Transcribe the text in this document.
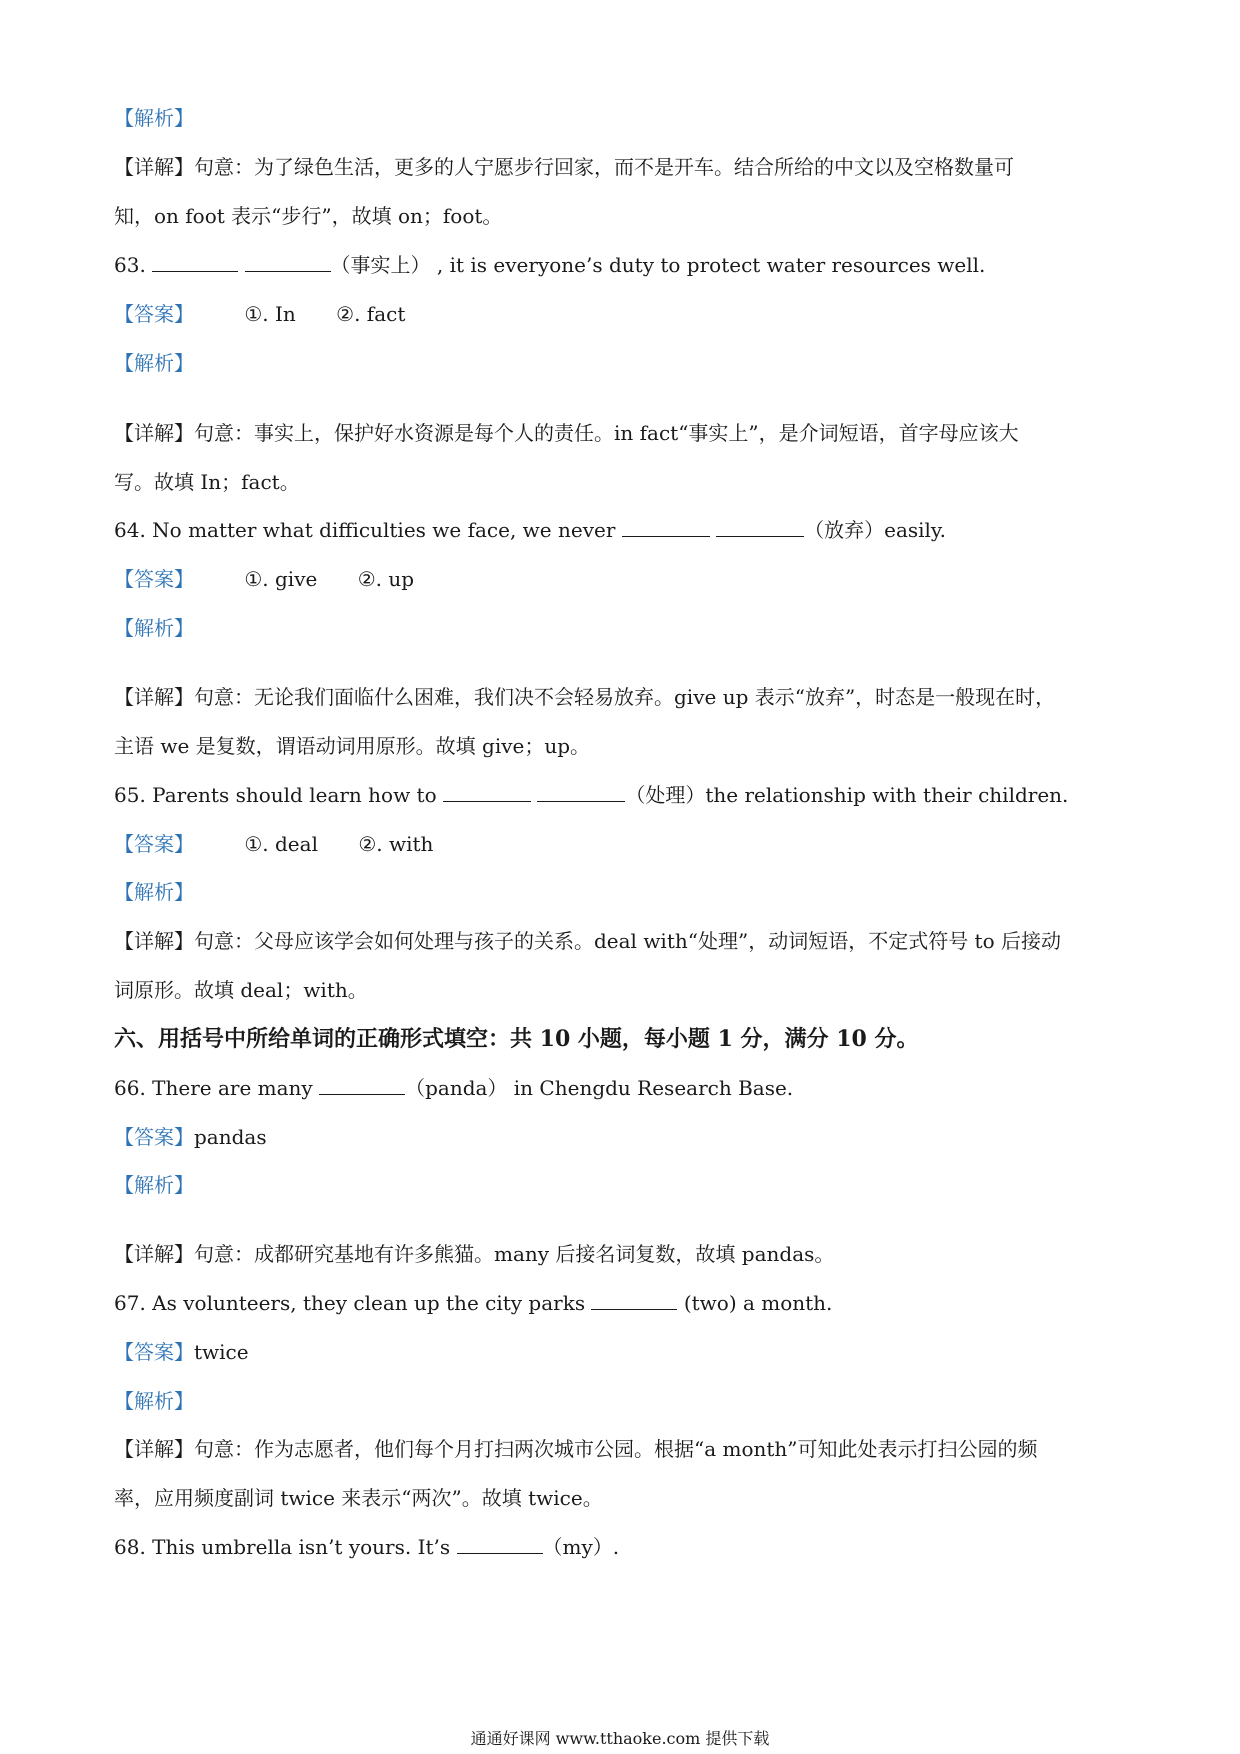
【解析】
【详解】句意：为了绿色生活，更多的人宁愿步行回家，而不是开车。结合所给的中文以及空格数量可
知，on foot 表示“步行”，故填 on；foot。
63.	（事实上） , it is everyone’s duty to protect water resources well.
【答案】	①. In ②. fact
【解析】
【详解】句意：事实上，保护好水资源是每个人的责任。in fact“事实上”，是介词短语，首字母应该大
写。故填 In；fact。
64. No matter what difficulties we face, we never	（放弃）easily.
【答案】	①. give ②. up
【解析】
【详解】句意：无论我们面临什么困难，我们决不会轻易放弃。give up 表示“放弃”，时态是一般现在时，
主语 we 是复数，谓语动词用原形。故填 give；up。
65. Parents should learn how to	（处理）the relationship with their children.
【答案】	①. deal ②. with
【解析】
【详解】句意：父母应该学会如何处理与孩子的关系。deal with“处理”，动词短语，不定式符号 to 后接动
词原形。故填 deal；with。
六、用括号中所给单词的正确形式填空：共 10 小题，每小题 1 分，满分 10 分。
66. There are many	（panda） in Chengdu Research Base.
【答案】pandas
【解析】
【详解】句意：成都研究基地有许多熊猫。many 后接名词复数，故填 pandas。
67. As volunteers, they clean up the city parks	(two) a month.
【答案】twice
【解析】
【详解】句意：作为志愿者，他们每个月打扫两次城市公园。根据“a month”可知此处表示打扫公园的频
率，应用频度副词 twice 来表示“两次”。故填 twice。
68. This umbrella isn’t yours. It’s	（my）.
通通好课网 www.tthaoke.com 提供下载
